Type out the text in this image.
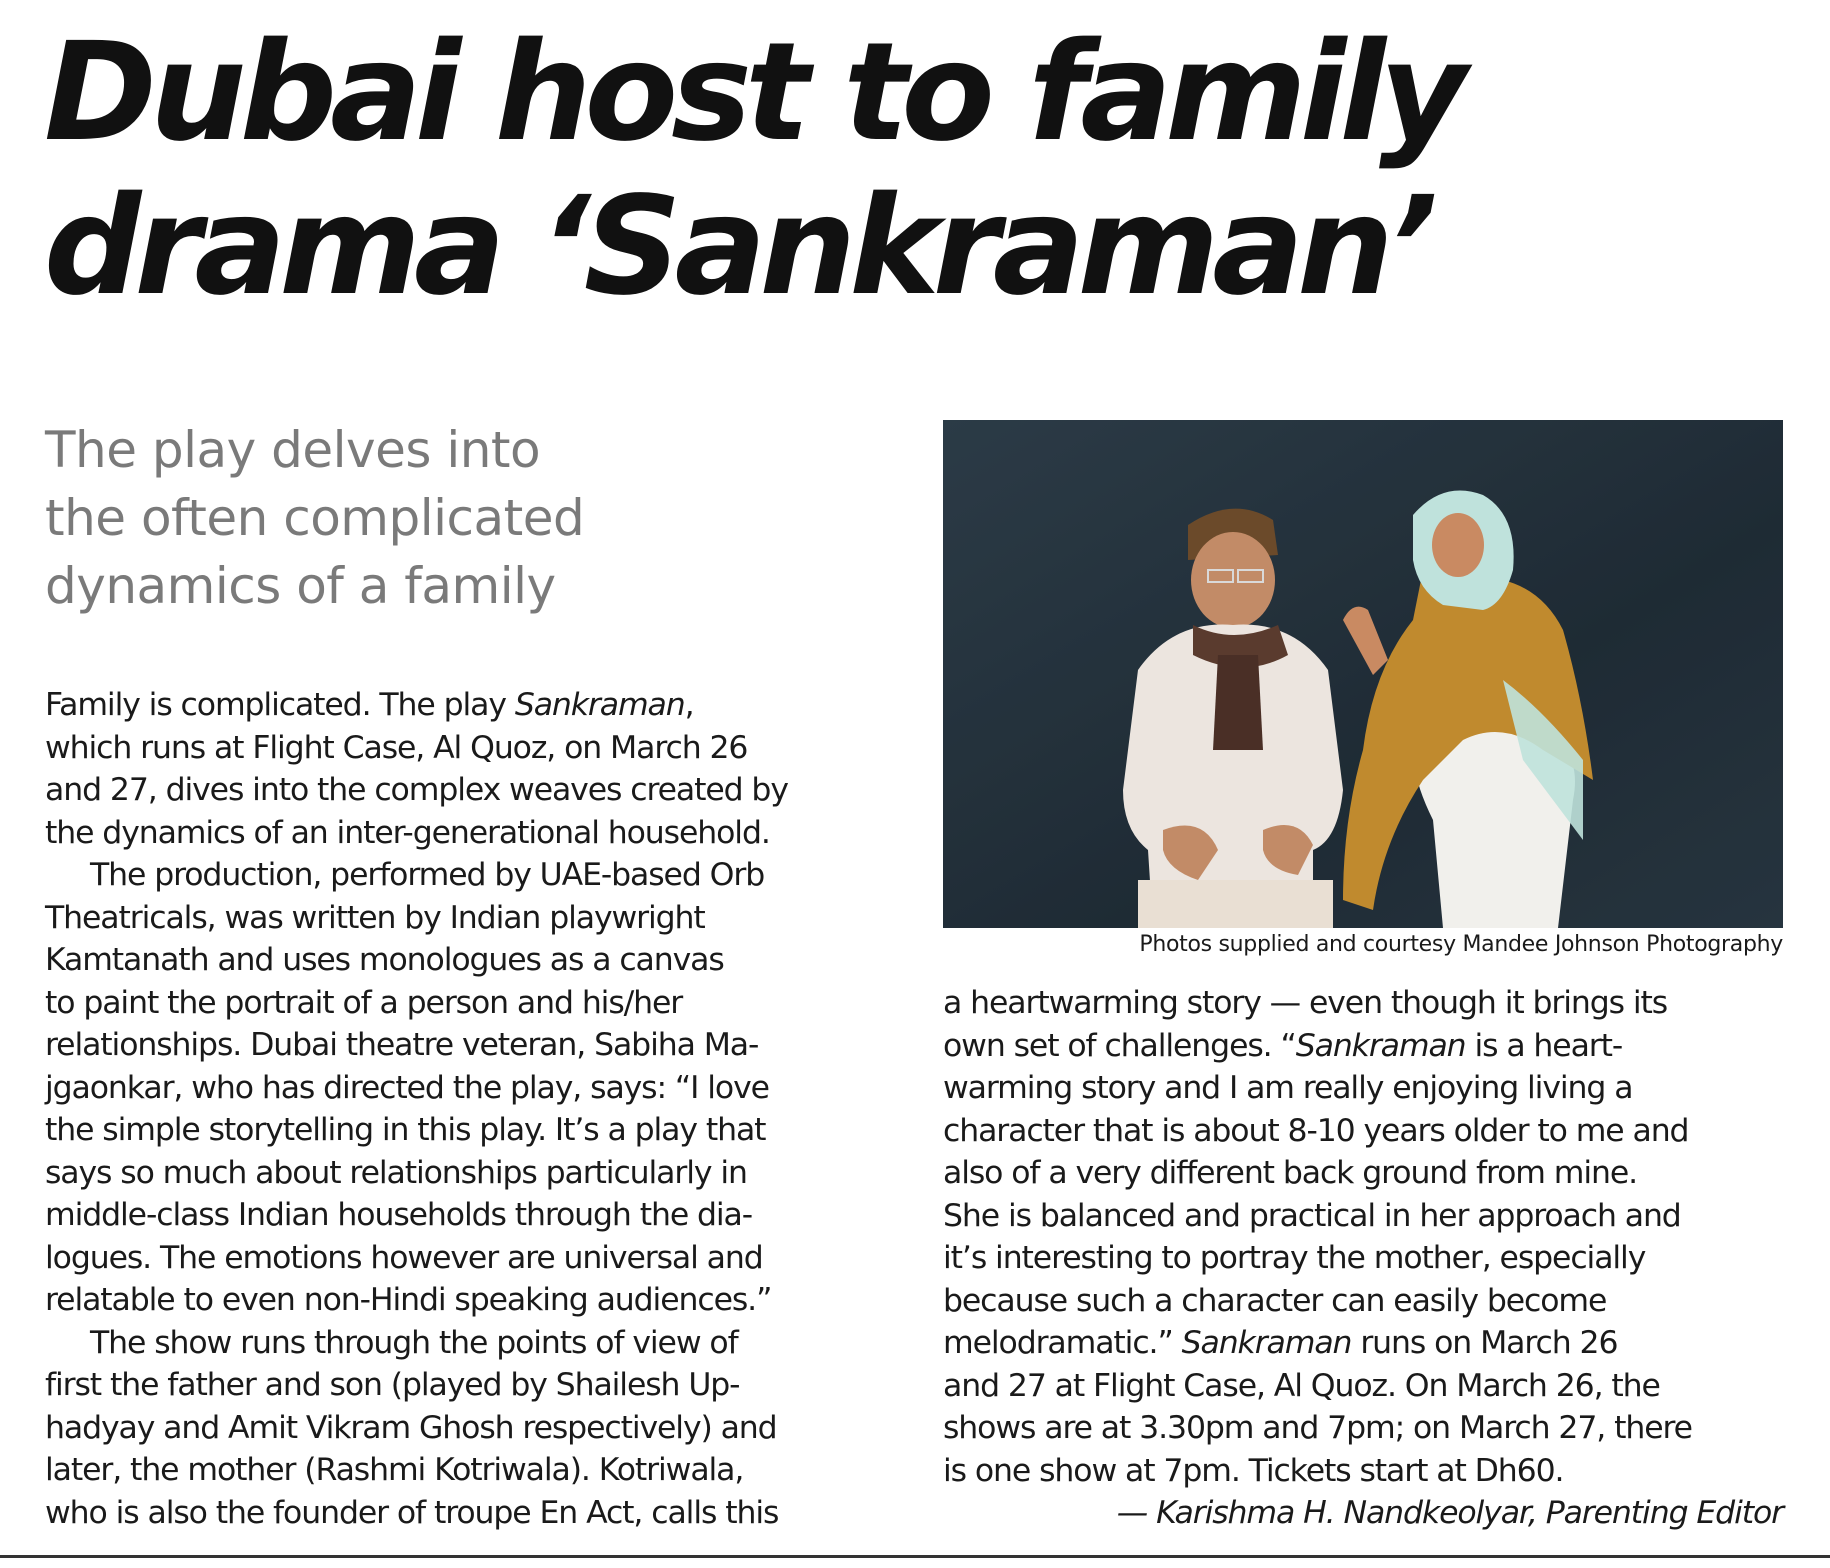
Dubai host to family
drama ‘Sankraman’
The play delves into
the often complicated
dynamics of a family
Family is complicated. The play Sankraman,
which runs at Flight Case, Al Quoz, on March 26
and 27, dives into the complex weaves created by
the dynamics of an inter-generational household.
The production, performed by UAE-based Orb
Theatricals, was written by Indian playwright
Kamtanath and uses monologues as a canvas
to paint the portrait of a person and his/her
relationships. Dubai theatre veteran, Sabiha Ma-
jgaonkar, who has directed the play, says: “I love
the simple storytelling in this play. It’s a play that
says so much about relationships particularly in
middle-class Indian households through the dia-
logues. The emotions however are universal and
relatable to even non-Hindi speaking audiences.”
The show runs through the points of view of
first the father and son (played by Shailesh Up-
hadyay and Amit Vikram Ghosh respectively) and
later, the mother (Rashmi Kotriwala). Kotriwala,
who is also the founder of troupe En Act, calls this
Photos supplied and courtesy Mandee Johnson Photography
a heartwarming story — even though it brings its
own set of challenges. “Sankraman is a heart-
warming story and I am really enjoying living a
character that is about 8-10 years older to me and
also of a very different back ground from mine.
She is balanced and practical in her approach and
it’s interesting to portray the mother, especially
because such a character can easily become
melodramatic.” Sankraman runs on March 26
and 27 at Flight Case, Al Quoz. On March 26, the
shows are at 3.30pm and 7pm; on March 27, there
is one show at 7pm. Tickets start at Dh60.
— Karishma H. Nandkeolyar, Parenting Editor
